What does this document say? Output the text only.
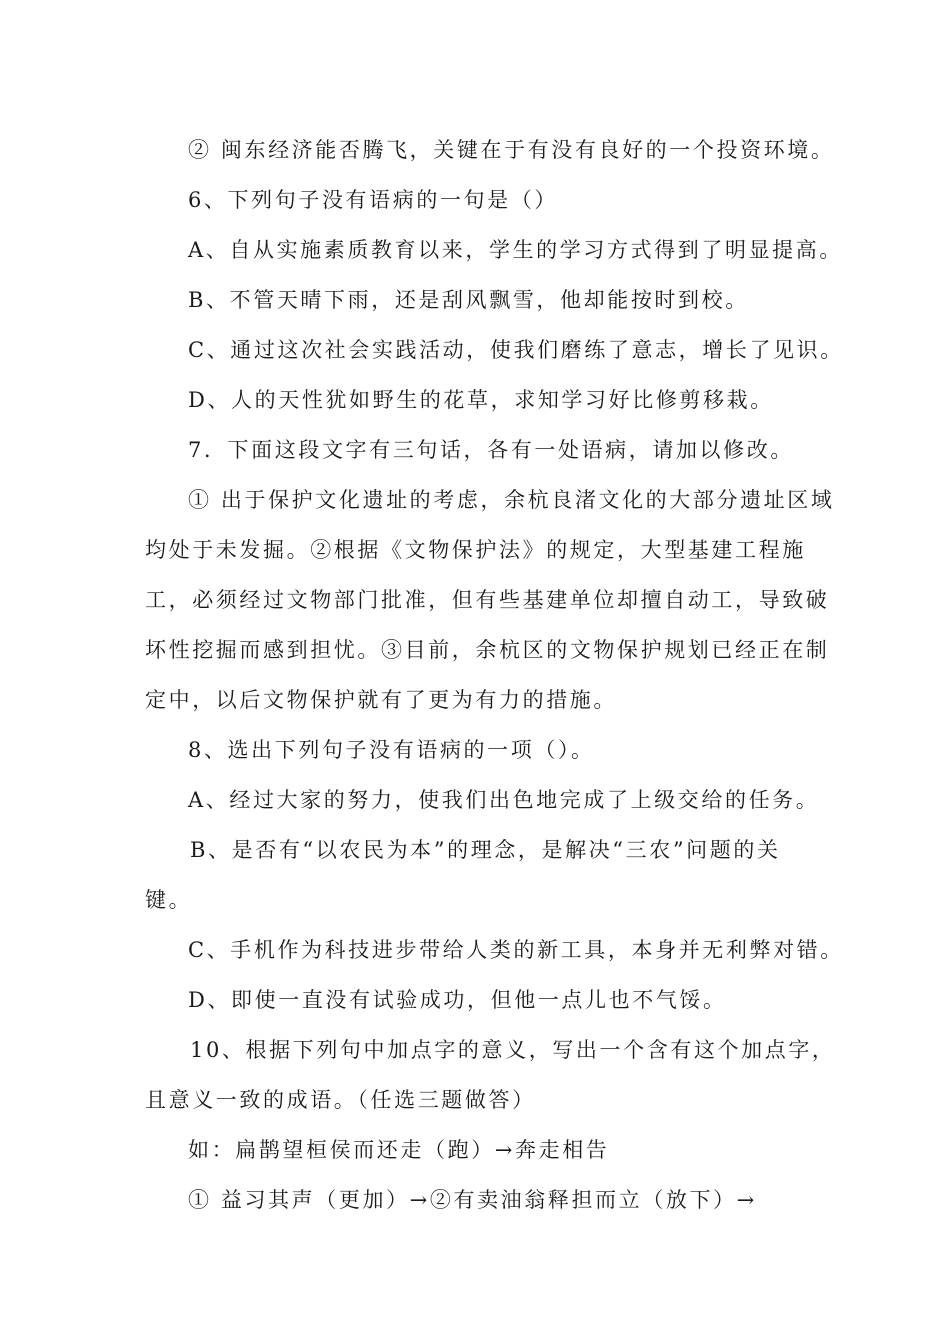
② 闽东经济能否腾飞，关键在于有没有良好的一个投资环境。
6、下列句子没有语病的一句是（）
A、自从实施素质教育以来，学生的学习方式得到了明显提高。
B、不管天晴下雨，还是刮风飘雪，他却能按时到校。
C、通过这次社会实践活动，使我们磨练了意志，增长了见识。
D、人的天性犹如野生的花草，求知学习好比修剪移栽。
7．下面这段文字有三句话，各有一处语病，请加以修改。
① 出于保护文化遗址的考虑，余杭良渚文化的大部分遗址区域
均处于未发掘。②根据《文物保护法》的规定，大型基建工程施
工，必须经过文物部门批准，但有些基建单位却擅自动工，导致破
坏性挖掘而感到担忧。③目前，余杭区的文物保护规划已经正在制
定中，以后文物保护就有了更为有力的措施。
8、选出下列句子没有语病的一项（）。
A、经过大家的努力，使我们出色地完成了上级交给的任务。
B、是否有“以农民为本”的理念，是解决“三农”问题的关
键。
C、手机作为科技进步带给人类的新工具，本身并无利弊对错。
D、即使一直没有试验成功，但他一点儿也不气馁。
10、根据下列句中加点字的意义，写出一个含有这个加点字，
且意义一致的成语。（任选三题做答）
如：扁鹊望桓侯而还走（跑）→奔走相告
① 益习其声（更加）→②有卖油翁释担而立（放下）→
